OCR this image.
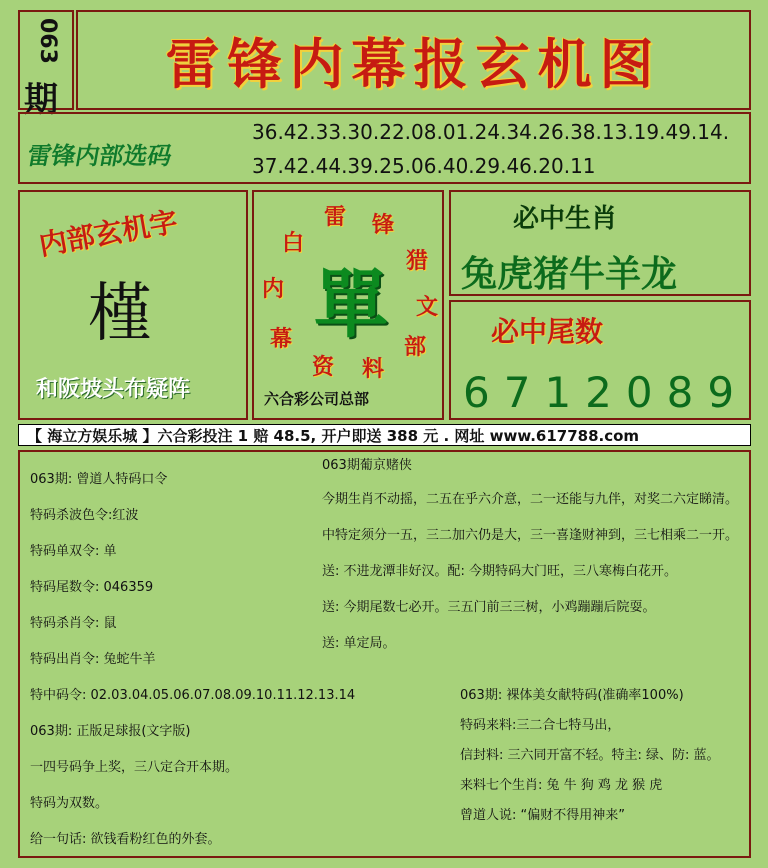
063
期
雷锋内幕报玄机图
雷锋内部选码
36.42.33.30.22.08.01.24.34.26.38.13.19.49.14.
37.42.44.39.25.06.40.29.46.20.11
内部玄机字
槿
和阪坡头布疑阵
雷 锋
白
猎
内
文
幕	部
资 料
單
六合彩公司总部
必中生肖
兔虎猪牛羊龙
必中尾数
6712089
【 海立方娱乐城 】六合彩投注 1 赔 48.5, 开户即送 388 元 . 网址 www.617788.com
063期: 曾道人特码口令
特码杀波色令:红波
特码单双令: 单
特码尾数令: 046359
特码杀肖令: 鼠
特码出肖令: 兔蛇牛羊
063期葡京赌侠
今期生肖不动摇，二五在乎六介意，二一还能与九伴，对奖二六定睇清。
中特定须分一五，三二加六仍是大，三一喜逢财神到，三七相乘二一开。
送: 不进龙潭非好汉。配: 今期特码大门旺，三八寒梅白花开。
送: 今期尾数七必开。三五门前三三树，小鸡蹦蹦后院耍。
送: 单定局。
特中码令: 02.03.04.05.06.07.08.09.10.11.12.13.14
063期: 正版足球报(文字版)
一四号码争上奖，三八定合开本期。
特码为双数。
给一句话: 欲钱看粉红色的外套。
063期: 裸体美女献特码(准确率100%)
特码来料:三二合七特马出，
信封料: 三六同开富不轻。特主: 绿、防: 蓝。
来料七个生肖: 兔 牛 狗 鸡 龙 猴 虎
曾道人说: “偏财不得用神来”
